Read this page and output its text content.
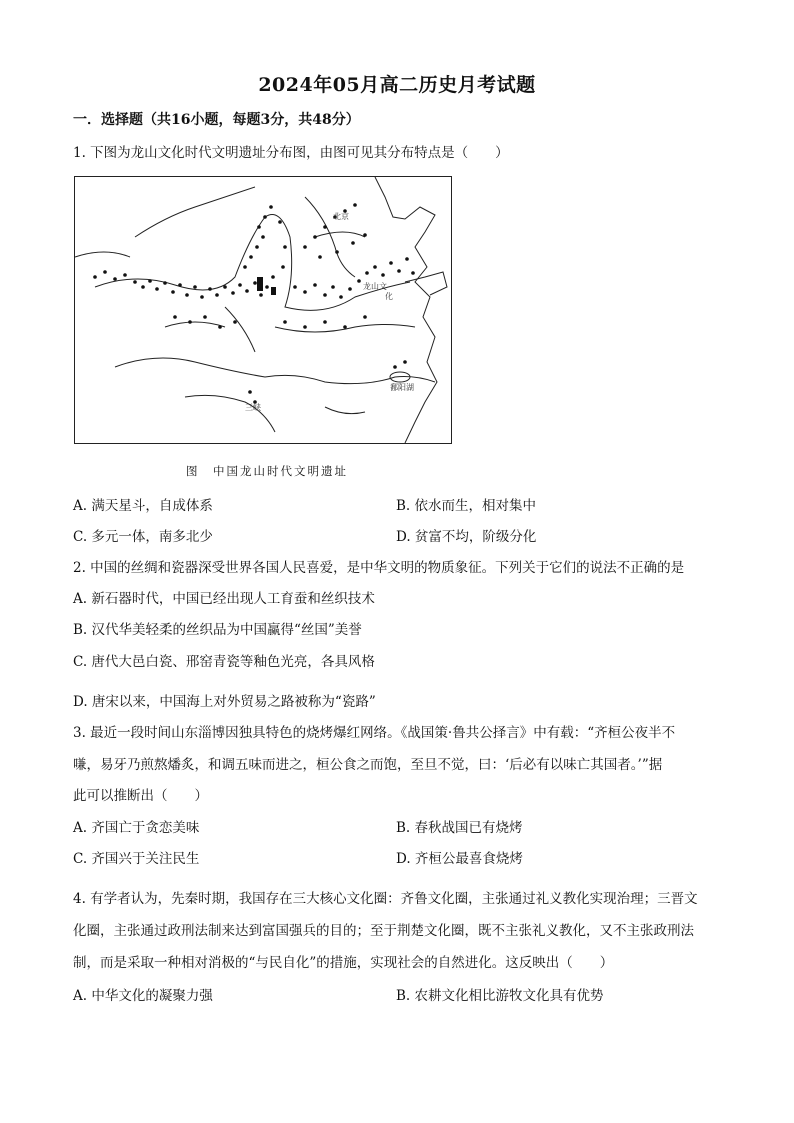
2024年05月高二历史月考试题
一．选择题（共16小题，每题3分，共48分）
1. 下图为龙山文化时代文明遗址分布图，由图可见其分布特点是（　　）
北京
龙山文
化
三峡
鄱阳湖
图　中国龙山时代文明遗址
A. 满天星斗，自成体系	B. 依水而生，相对集中
C. 多元一体，南多北少	D. 贫富不均，阶级分化
2. 中国的丝绸和瓷器深受世界各国人民喜爱，是中华文明的物质象征。下列关于它们的说法不正确的是
A. 新石器时代，中国已经出现人工育蚕和丝织技术
B. 汉代华美轻柔的丝织品为中国赢得“丝国”美誉
C. 唐代大邑白瓷、邢窑青瓷等釉色光亮，各具风格
D. 唐宋以来，中国海上对外贸易之路被称为“瓷路”
3. 最近一段时间山东淄博因独具特色的烧烤爆红网络。《战国策·鲁共公择言》中有载：“齐桓公夜半不
嗛，易牙乃煎熬燔炙，和调五味而进之，桓公食之而饱，至旦不觉，曰：‘后必有以味亡其国者。’”据
此可以推断出（　　）
A. 齐国亡于贪恋美味	B. 春秋战国已有烧烤
C. 齐国兴于关注民生	D. 齐桓公最喜食烧烤
4. 有学者认为，先秦时期，我国存在三大核心文化圈：齐鲁文化圈，主张通过礼义教化实现治理；三晋文
化圈，主张通过政刑法制来达到富国强兵的目的；至于荆楚文化圈，既不主张礼义教化，又不主张政刑法
制，而是采取一种相对消极的“与民自化”的措施，实现社会的自然进化。这反映出（　　）
A. 中华文化的凝聚力强	B. 农耕文化相比游牧文化具有优势
